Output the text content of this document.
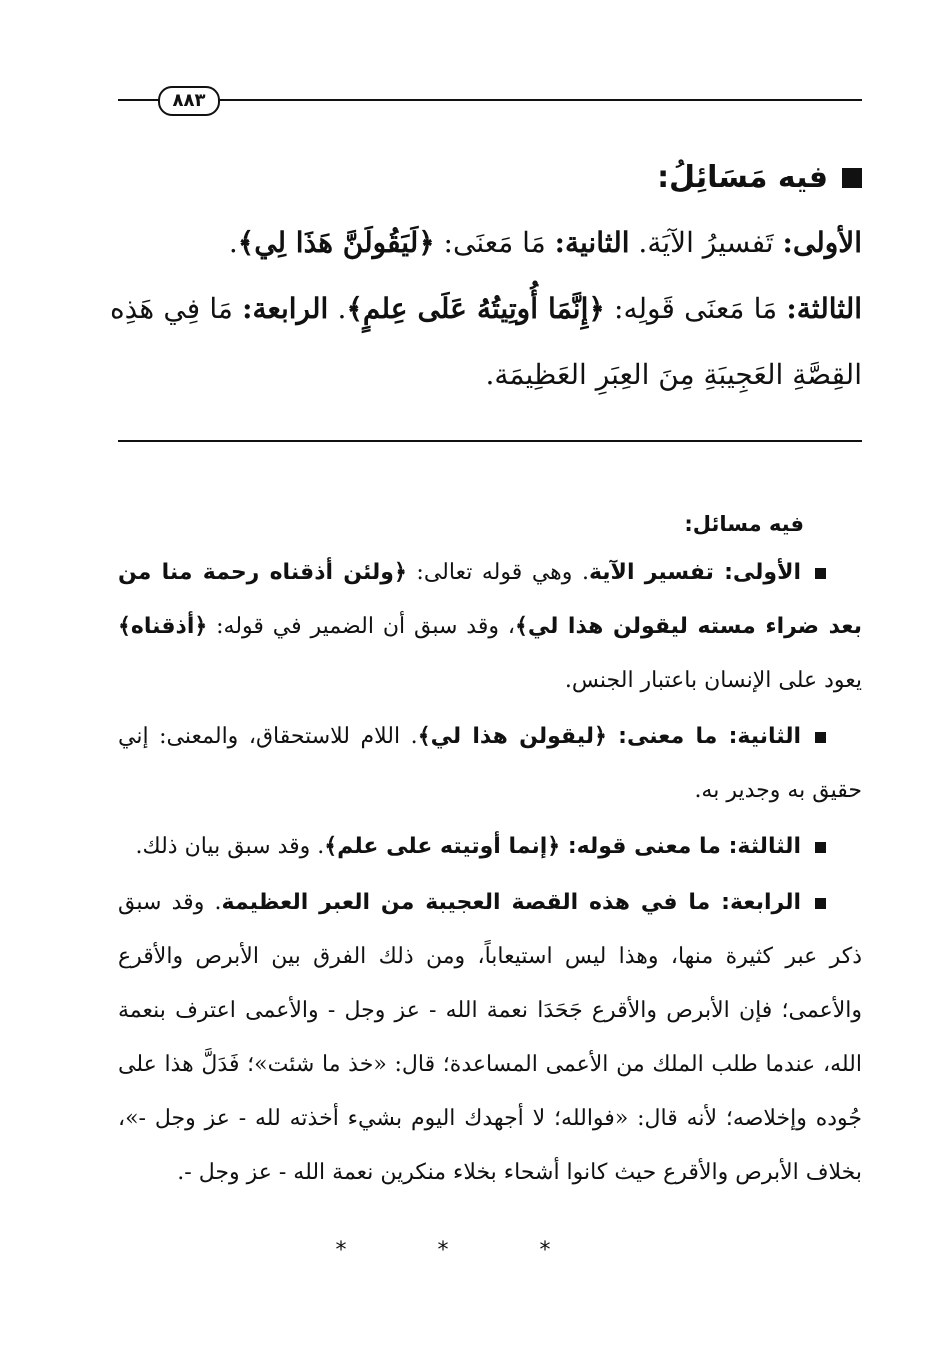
٨٨٣
فيه مَسَائِلُ:

الأولى: تَفسيرُ الآيَة. الثانية: مَا مَعنَى: ﴿لَيَقُولَنَّ هَذَا لِي﴾.
الثالثة: مَا مَعنَى قَولِه: ﴿إِنَّمَا أُوتِيتُهُ عَلَى عِلمٍ﴾. الرابعة: مَا فِي هَذِه القِصَّةِ العَجِيبَةِ مِنَ العِبَرِ العَظِيمَة.

فيه مسائل:

الأولى: تفسير الآية. وهي قوله تعالى: ﴿ولئن أذقناه رحمة منا من بعد ضراء مسته ليقولن هذا لي﴾، وقد سبق أن الضمير في قوله: ﴿أذقناه﴾ يعود على الإنسان باعتبار الجنس.

الثانية: ما معنى: ﴿ليقولن هذا لي﴾. اللام للاستحقاق، والمعنى: إني حقيق به وجدير به.

الثالثة: ما معنى قوله: ﴿إنما أوتيته على علم﴾. وقد سبق بيان ذلك.

الرابعة: ما في هذه القصة العجيبة من العبر العظيمة. وقد سبق ذكر عبر كثيرة منها، وهذا ليس استيعاباً، ومن ذلك الفرق بين الأبرص والأقرع والأعمى؛ فإن الأبرص والأقرع جَحَدَا نعمة الله - عز وجل - والأعمى اعترف بنعمة الله، عندما طلب الملك من الأعمى المساعدة؛ قال: «خذ ما شئت»؛ فَدَلَّ هذا على جُوده وإخلاصه؛ لأنه قال: «فوالله؛ لا أجهدك اليوم بشيء أخذته لله - عز وجل -»، بخلاف الأبرص والأقرع حيث كانوا أشحاء بخلاء منكرين نعمة الله - عز وجل -.

* * *
